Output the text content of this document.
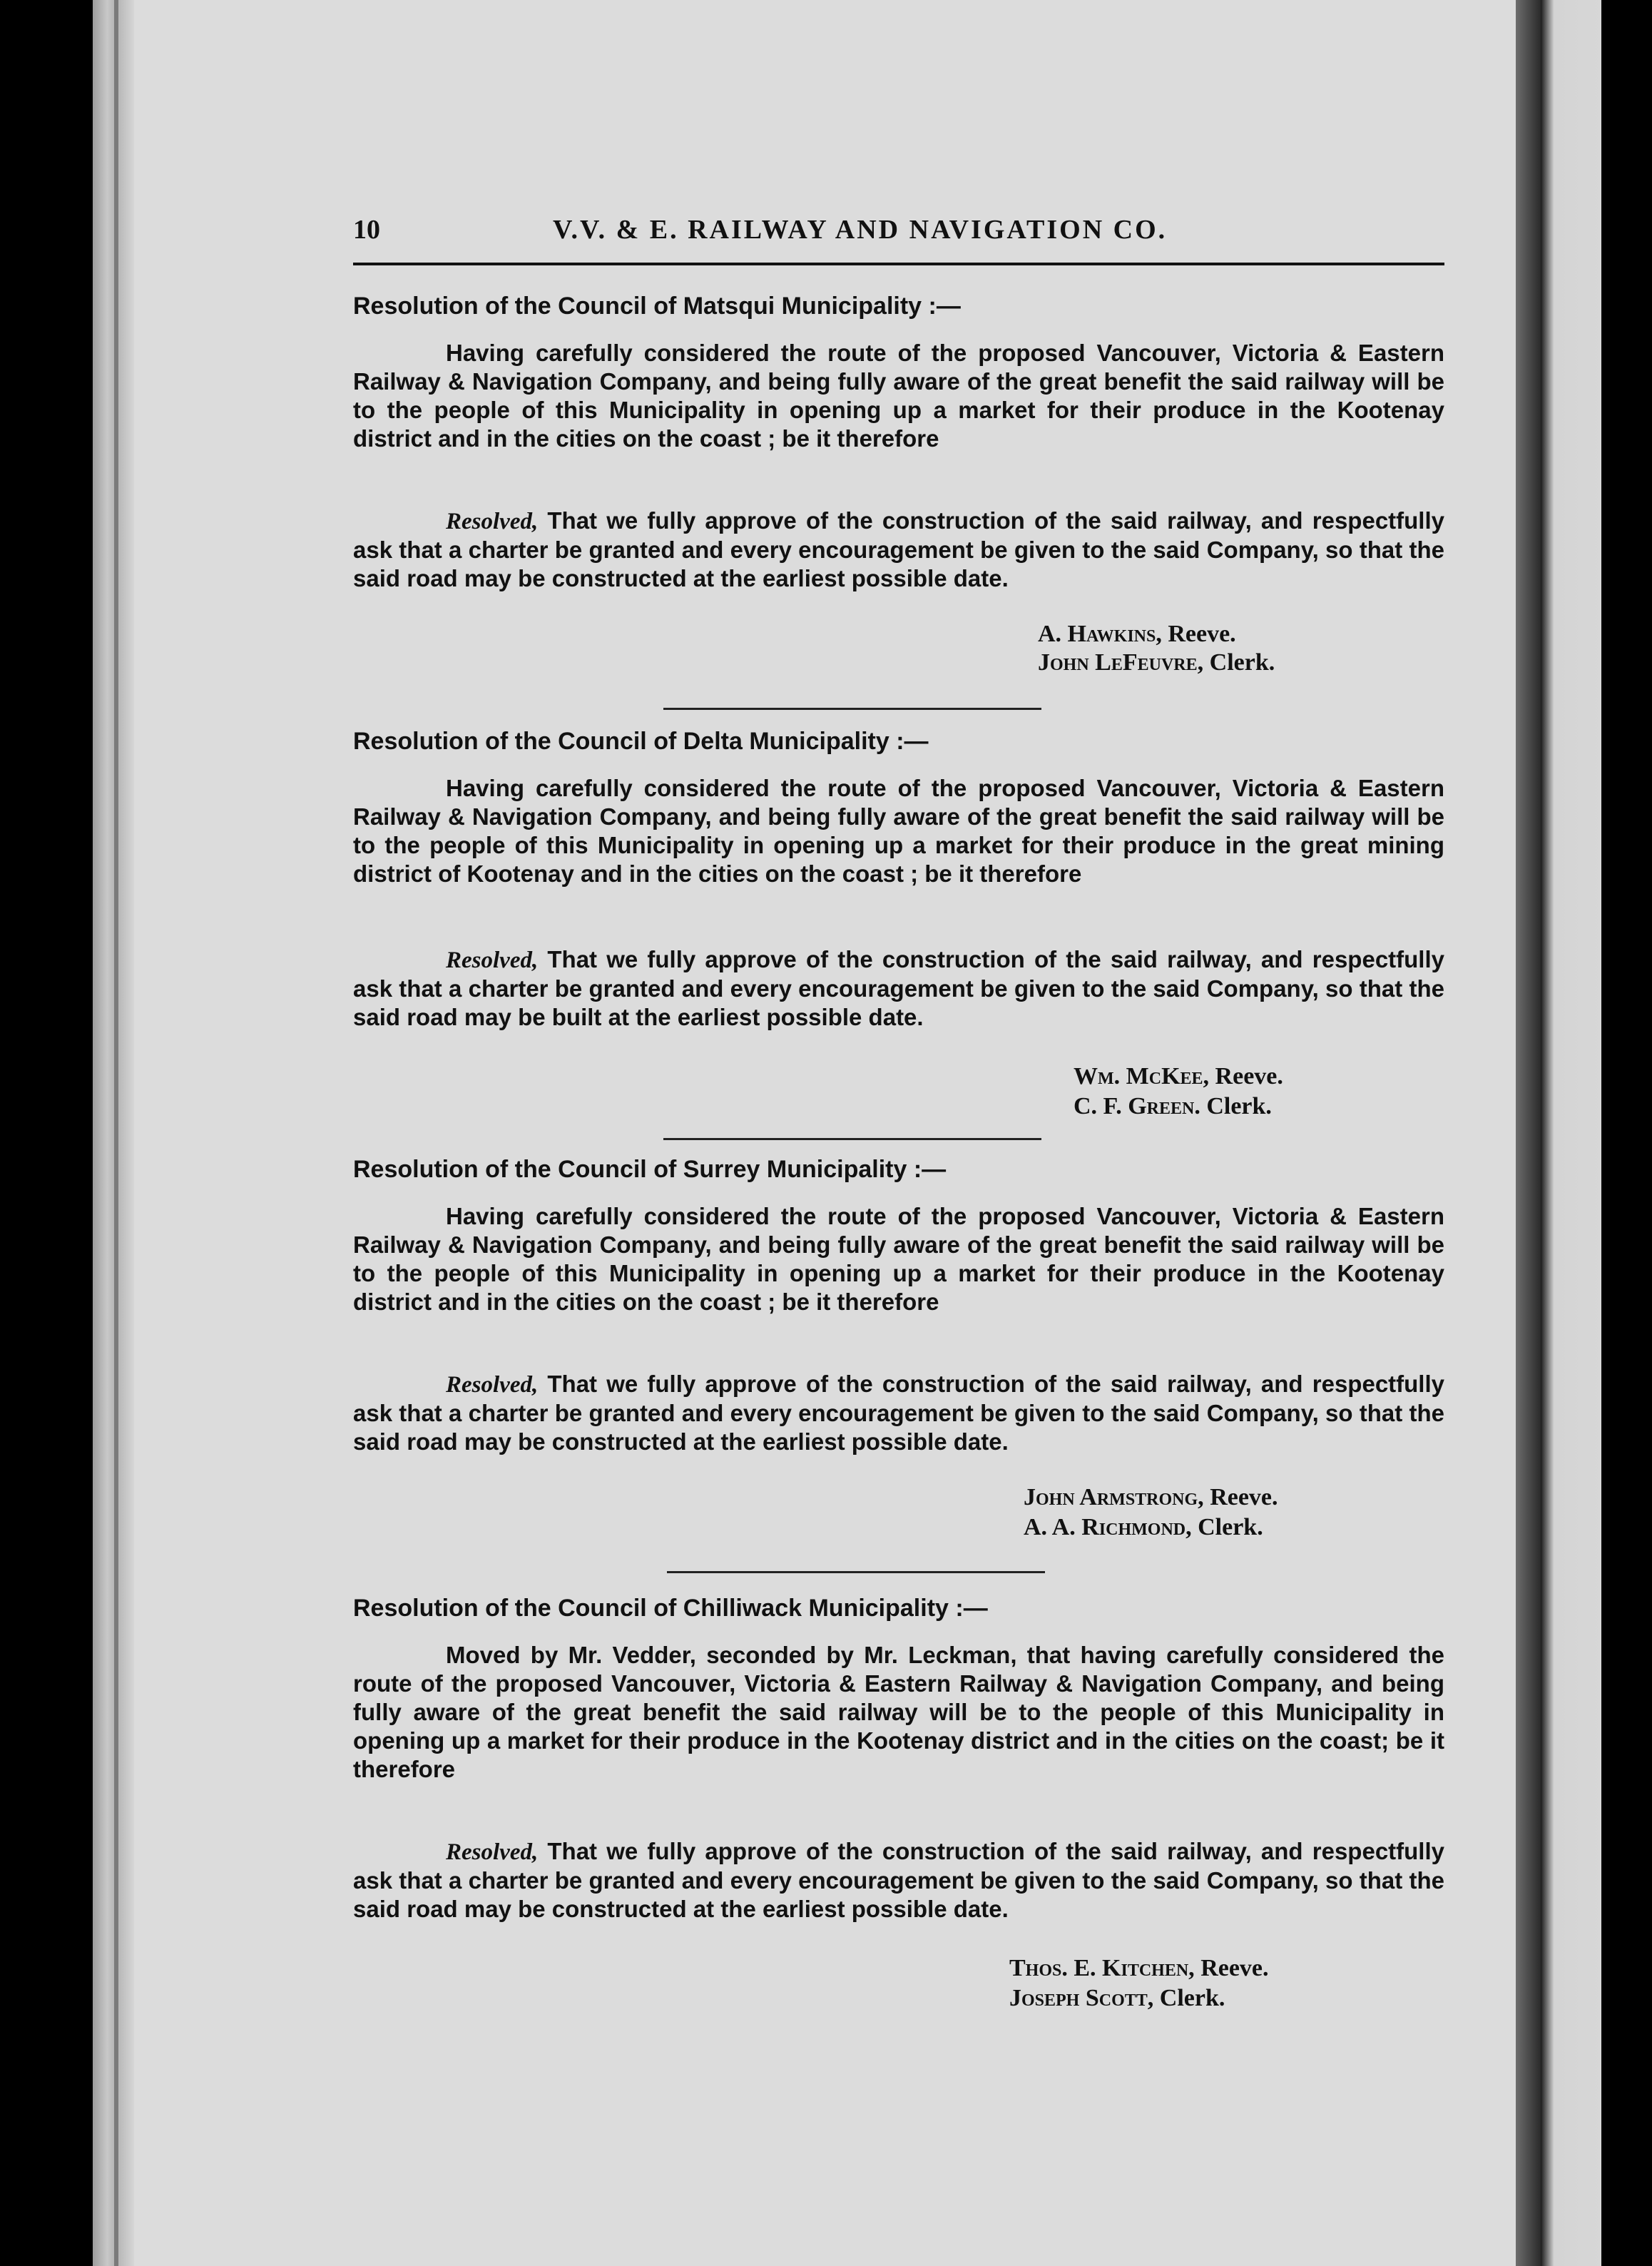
10	V.V. & E. RAILWAY AND NAVIGATION CO.
Resolution of the Council of Matsqui Municipality :—

Having carefully considered the route of the proposed Vancouver, Victoria & Eastern Railway & Navigation Company, and being fully aware of the great benefit the said railway will be to the people of this Municipality in opening up a market for their produce in the Kootenay district and in the cities on the coast ; be it therefore

Resolved, That we fully approve of the construction of the said railway, and respectfully ask that a charter be granted and every encouragement be given to the said Company, so that the said road may be constructed at the earliest possible date.

A. Hawkins, Reeve.
John LeFeuvre, Clerk.
Resolution of the Council of Delta Municipality :—

Having carefully considered the route of the proposed Vancouver, Victoria & Eastern Railway & Navigation Company, and being fully aware of the great benefit the said railway will be to the people of this Municipality in opening up a market for their produce in the great mining district of Kootenay and in the cities on the coast ; be it therefore

Resolved, That we fully approve of the construction of the said railway, and respectfully ask that a charter be granted and every encouragement be given to the said Company, so that the said road may be built at the earliest possible date.

Wm. McKee, Reeve.
C. F. Green. Clerk.
Resolution of the Council of Surrey Municipality :—

Having carefully considered the route of the proposed Vancouver, Victoria & Eastern Railway & Navigation Company, and being fully aware of the great benefit the said railway will be to the people of this Municipality in opening up a market for their produce in the Kootenay district and in the cities on the coast ; be it therefore

Resolved, That we fully approve of the construction of the said railway, and respectfully ask that a charter be granted and every encouragement be given to the said Company, so that the said road may be constructed at the earliest possible date.

John Armstrong, Reeve.
A. A. Richmond, Clerk.
Resolution of the Council of Chilliwack Municipality :—

Moved by Mr. Vedder, seconded by Mr. Leckman, that having carefully considered the route of the proposed Vancouver, Victoria & Eastern Railway & Navigation Company, and being fully aware of the great benefit the said railway will be to the people of this Municipality in opening up a market for their produce in the Kootenay district and in the cities on the coast; be it therefore

Resolved, That we fully approve of the construction of the said railway, and respectfully ask that a charter be granted and every encouragement be given to the said Company, so that the said road may be constructed at the earliest possible date.

Thos. E. Kitchen, Reeve.
Joseph Scott, Clerk.
